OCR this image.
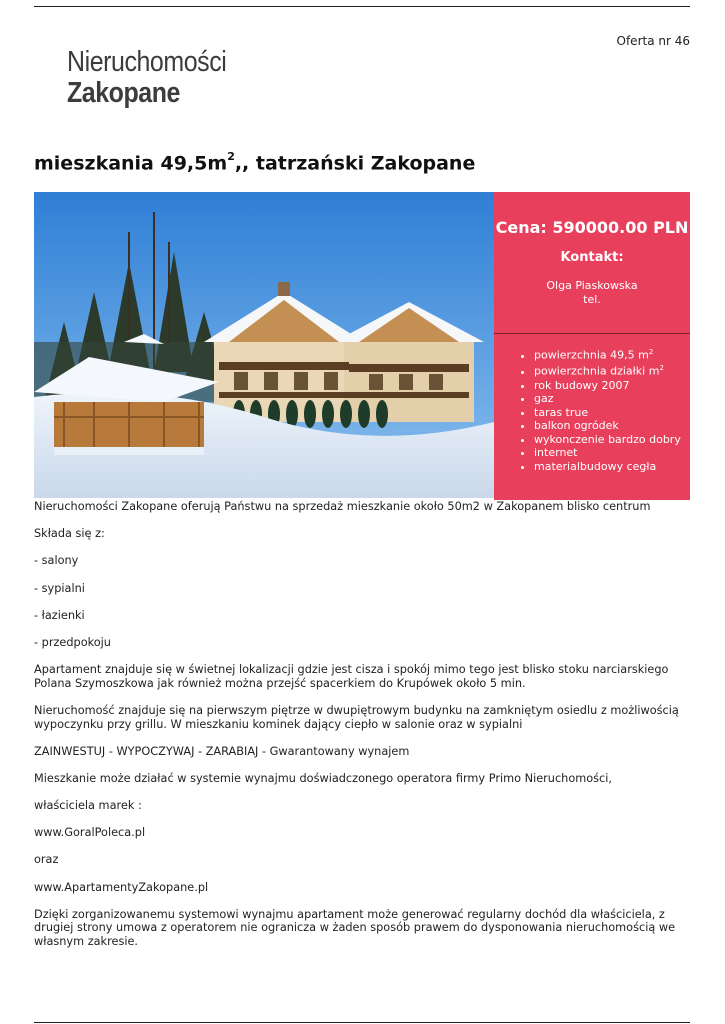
Oferta nr 46
Nieruchomości
Zakopane
mieszkania $49,5m^2$,, tatrzański Zakopane
Cena: 590000.00 PLN
Kontakt:
Olga Piaskowska
tel.
• powierzchnia 49,5 $m^2$
• powierzchnia działki $m^2$
• rok budowy 2007
• gaz
• taras true
• balkon ogródek
• wykonczenie bardzo dobry
• internet
• materialbudowy cegła

Nieruchomości Zakopane oferują Państwu na sprzedaż mieszkanie około 50m2 w Zakopanem blisko centrum

Składa się z:

- salony

- sypialni

- łazienki

- przedpokoju

Apartament znajduje się w świetnej lokalizacji gdzie jest cisza i spokój mimo tego jest blisko stoku narciarskiego Polana Szymoszkowa jak również można przejść spacerkiem do Krupówek około 5 min.

Nieruchomość znajduje się na pierwszym piętrze w dwupiętrowym budynku na zamkniętym osiedlu z możliwością wypoczynku przy grillu. W mieszkaniu kominek dający ciepło w salonie oraz w sypialni

ZAINWESTUJ - WYPOCZYWAJ - ZARABIAJ - Gwarantowany wynajem

Mieszkanie może działać w systemie wynajmu doświadczonego operatora firmy Primo Nieruchomości,

właściciela marek :

www.GoralPoleca.pl

oraz

www.ApartamentyZakopane.pl

Dzięki zorganizowanemu systemowi wynajmu apartament może generować regularny dochód dla właściciela, z drugiej strony umowa z operatorem nie ogranicza w żaden sposób prawem do dysponowania nieruchomością we własnym zakresie.
